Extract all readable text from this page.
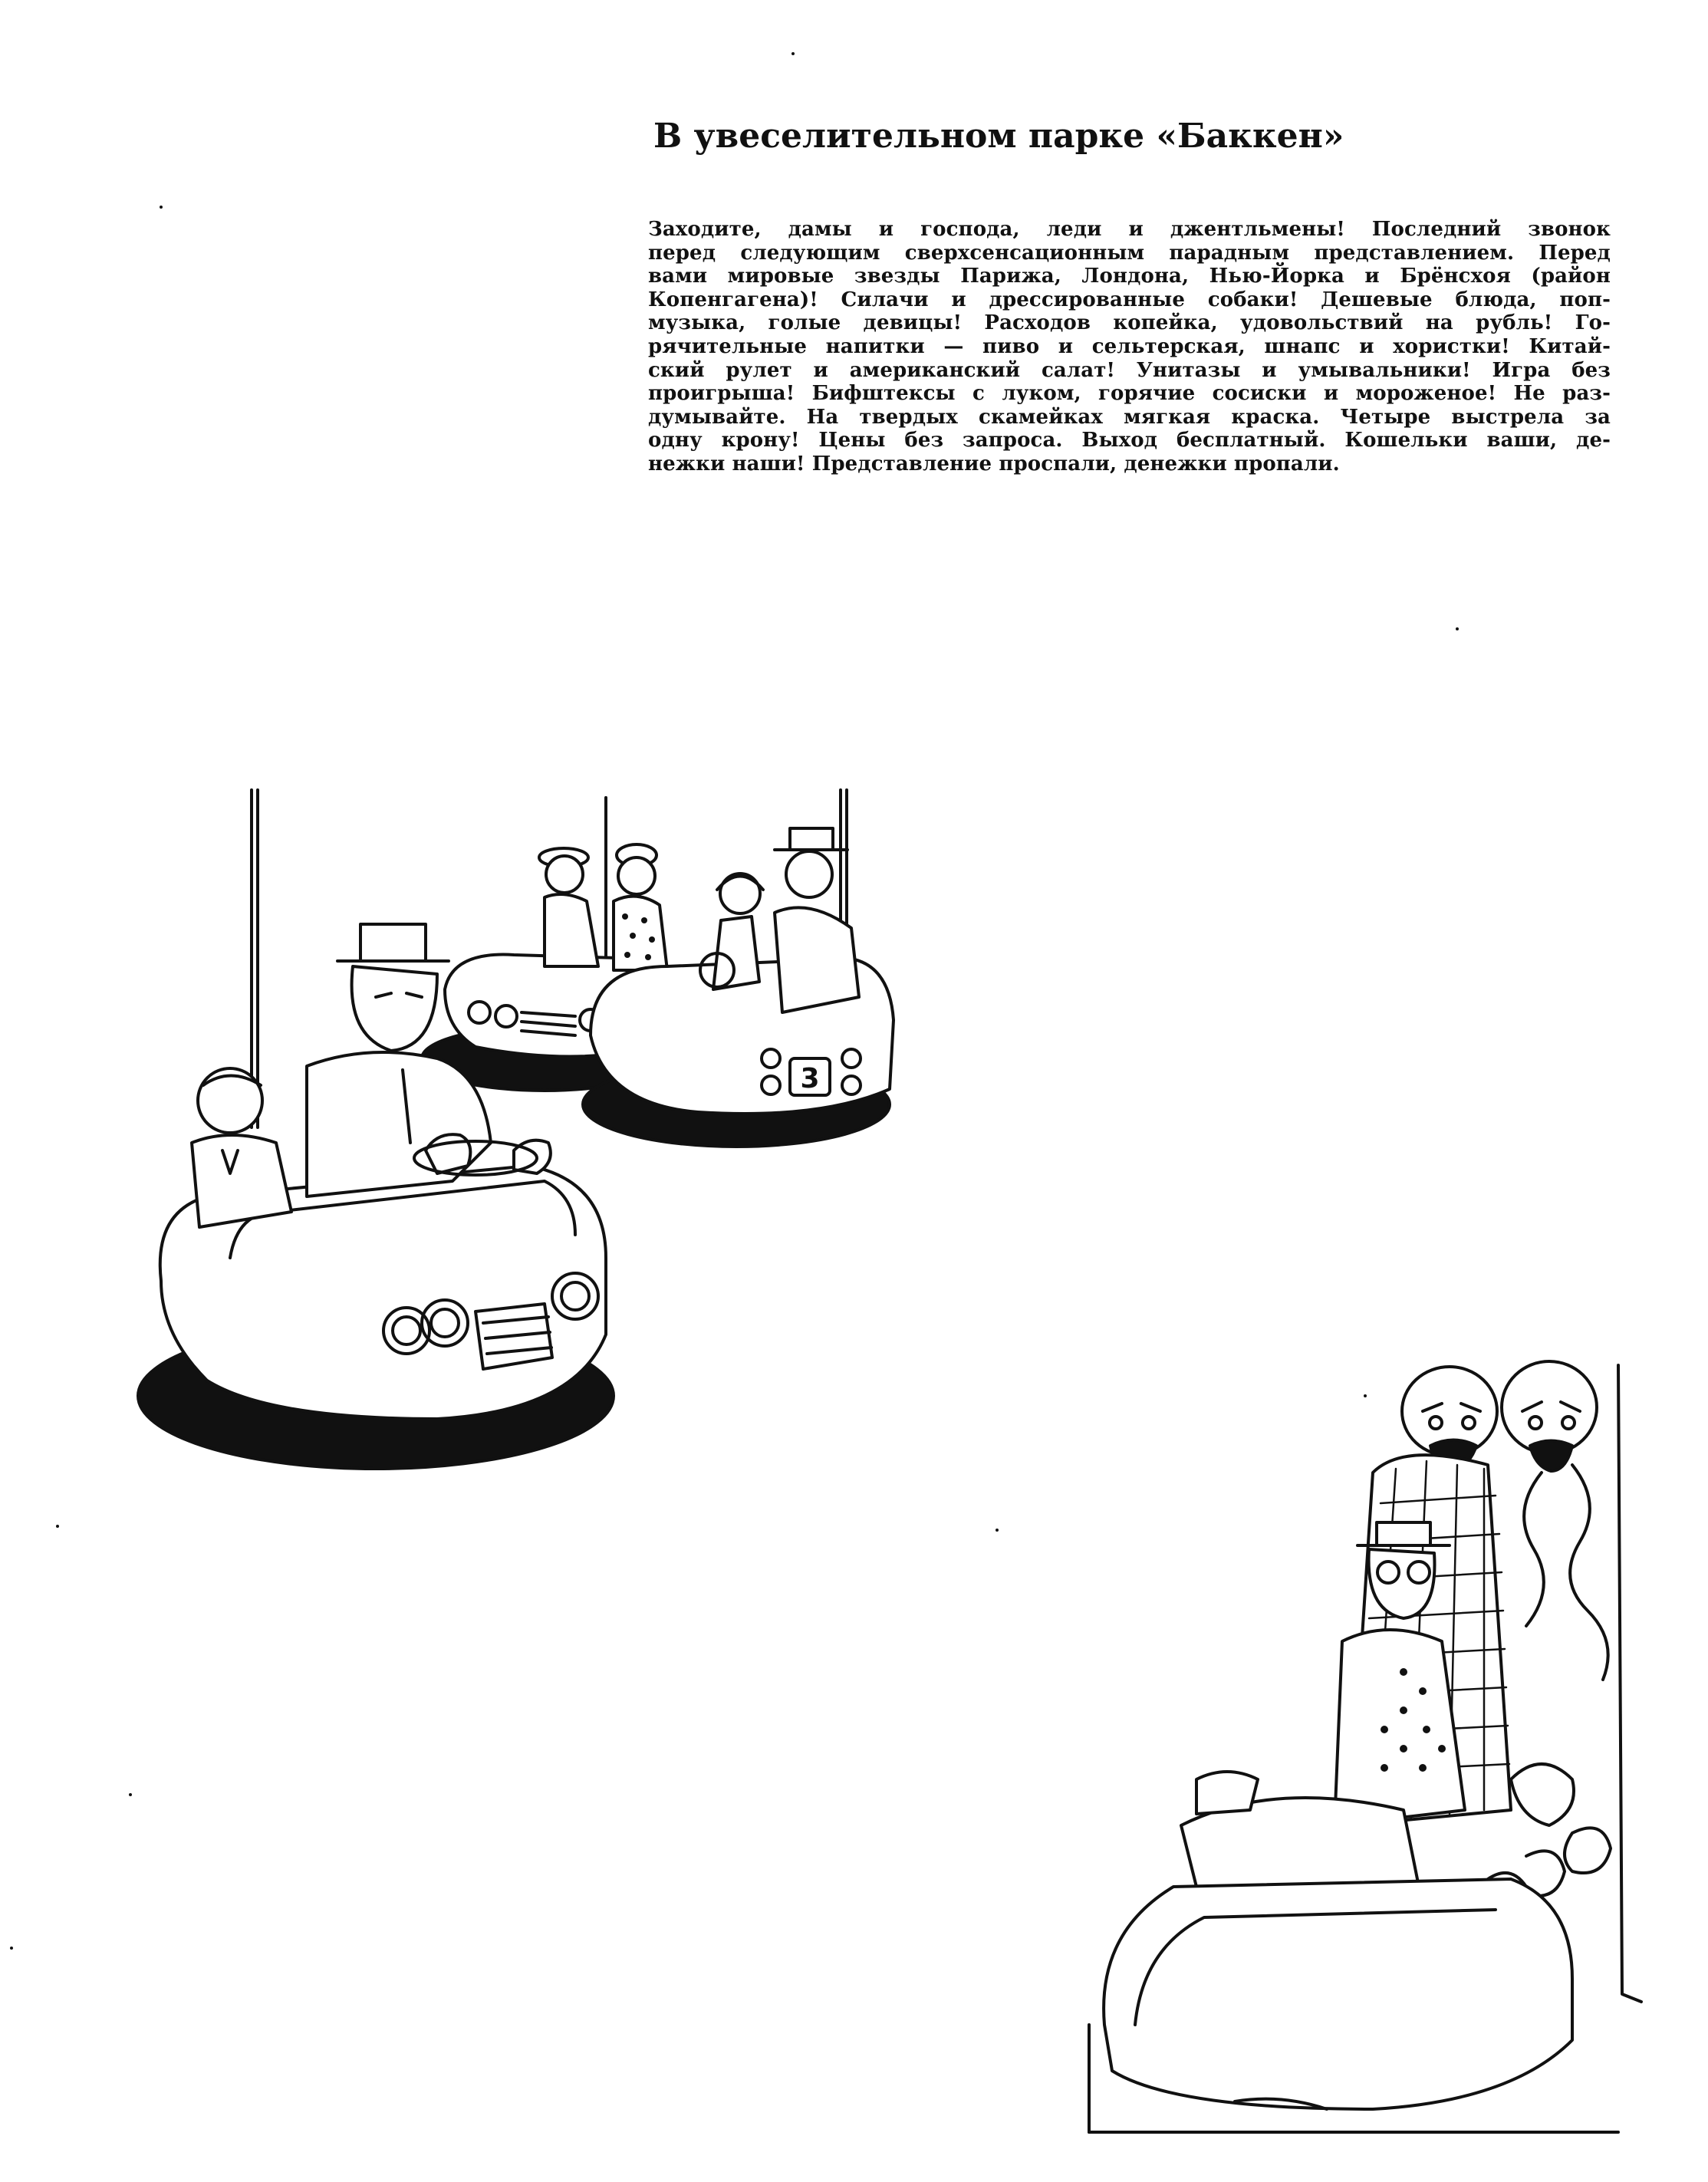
В увеселительном парке «Баккен»
Заходите, дамы и господа, леди и джентльмены! Последний звонок
перед следующим сверхсенсационным парадным представлением. Перед
вами мировые звезды Парижа, Лондона, Нью-Йорка и Брёнсхоя (район
Копенгагена)! Силачи и дрессированные собаки! Дешевые блюда, поп-
музыка, голые девицы! Расходов копейка, удовольствий на рубль! Го-
рячительные напитки — пиво и сельтерская, шнапс и хористки! Китай-
ский рулет и американский салат! Унитазы и умывальники! Игра без
проигрыша! Бифштексы с луком, горячие сосиски и мороженое! Не раз-
думывайте. На твердых скамейках мягкая краска. Четыре выстрела за
одну крону! Цены без запроса. Выход бесплатный. Кошельки ваши, де-
нежки наши! Представление проспали, денежки пропали.
3
